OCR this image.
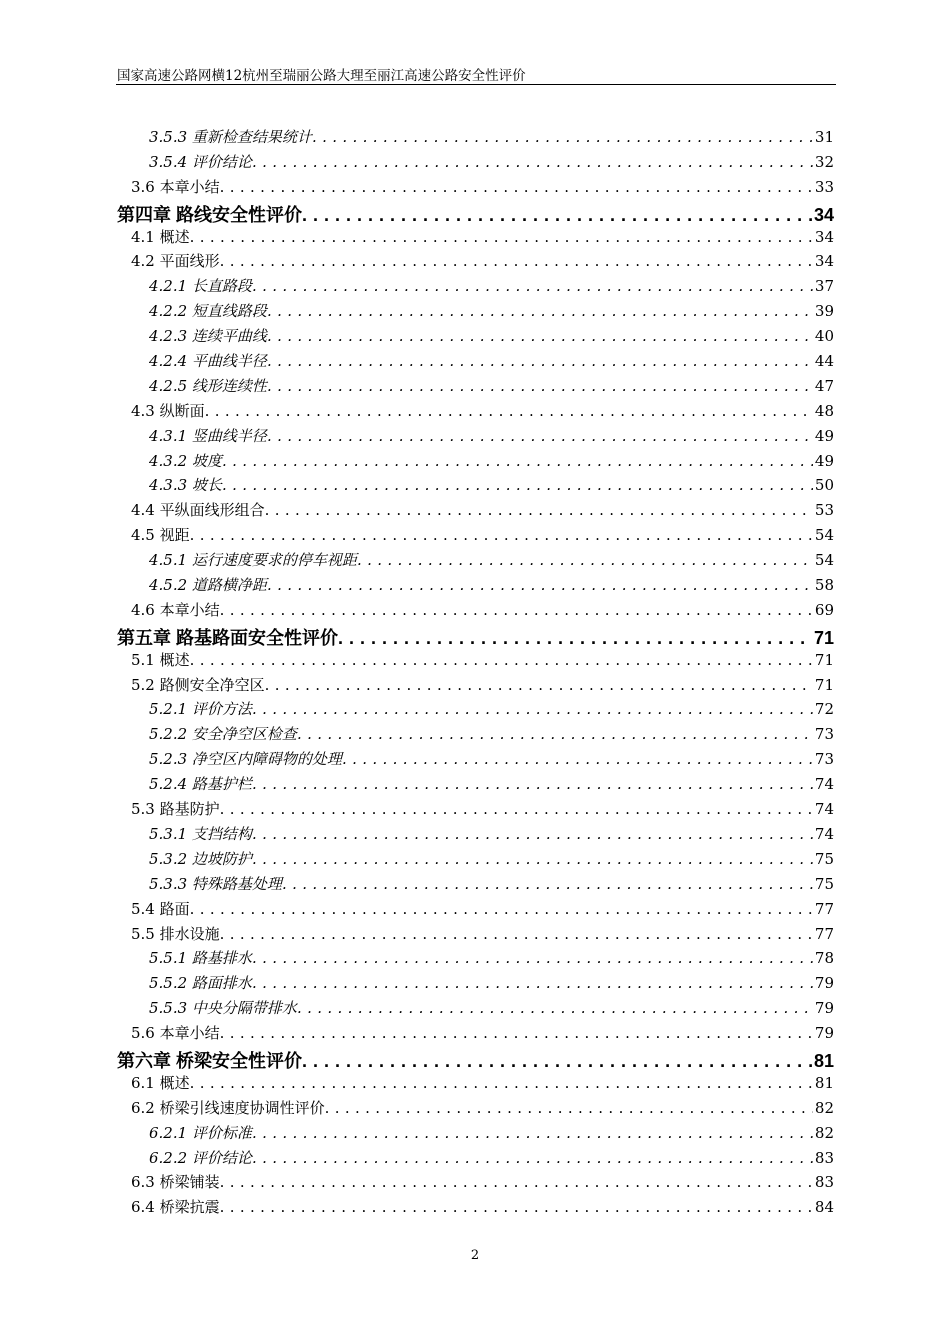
国家高速公路网横12杭州至瑞丽公路大理至丽江高速公路安全性评价
3.5.3 重新检查结果统计 . . .	31
3.5.4 评价结论 . . .	32
3.6 本章小结 . . .	33
第四章 路线安全性评价 . . .	34
4.1 概述 . . .	34
4.2 平面线形 . . .	34
4.2.1 长直路段 . . .	37
4.2.2 短直线路段 . . .	39
4.2.3 连续平曲线 . . .	40
4.2.4 平曲线半径 . . .	44
4.2.5 线形连续性 . . .	47
4.3 纵断面 . . .	48
4.3.1 竖曲线半径 . . .	49
4.3.2 坡度 . . .	49
4.3.3 坡长 . . .	50
4.4 平纵面线形组合 . . .	53
4.5 视距 . . .	54
4.5.1 运行速度要求的停车视距 . . .	54
4.5.2 道路横净距 . . .	58
4.6 本章小结 . . .	69
第五章 路基路面安全性评价 . . .	71
5.1 概述 . . .	71
5.2 路侧安全净空区 . . .	71
5.2.1 评价方法 . . .	72
5.2.2 安全净空区检查 . . .	73
5.2.3 净空区内障碍物的处理 . . .	73
5.2.4 路基护栏 . . .	74
5.3 路基防护 . . .	74
5.3.1 支挡结构 . . .	74
5.3.2 边坡防护 . . .	75
5.3.3 特殊路基处理 . . .	75
5.4 路面 . . .	77
5.5 排水设施 . . .	77
5.5.1 路基排水 . . .	78
5.5.2 路面排水 . . .	79
5.5.3 中央分隔带排水 . . .	79
5.6 本章小结 . . .	79
第六章 桥梁安全性评价 . . .	81
6.1 概述 . . .	81
6.2 桥梁引线速度协调性评价 . . .	82
6.2.1 评价标准 . . .	82
6.2.2 评价结论 . . .	83
6.3 桥梁铺装 . . .	83
6.4 桥梁抗震 . . .	84
2
